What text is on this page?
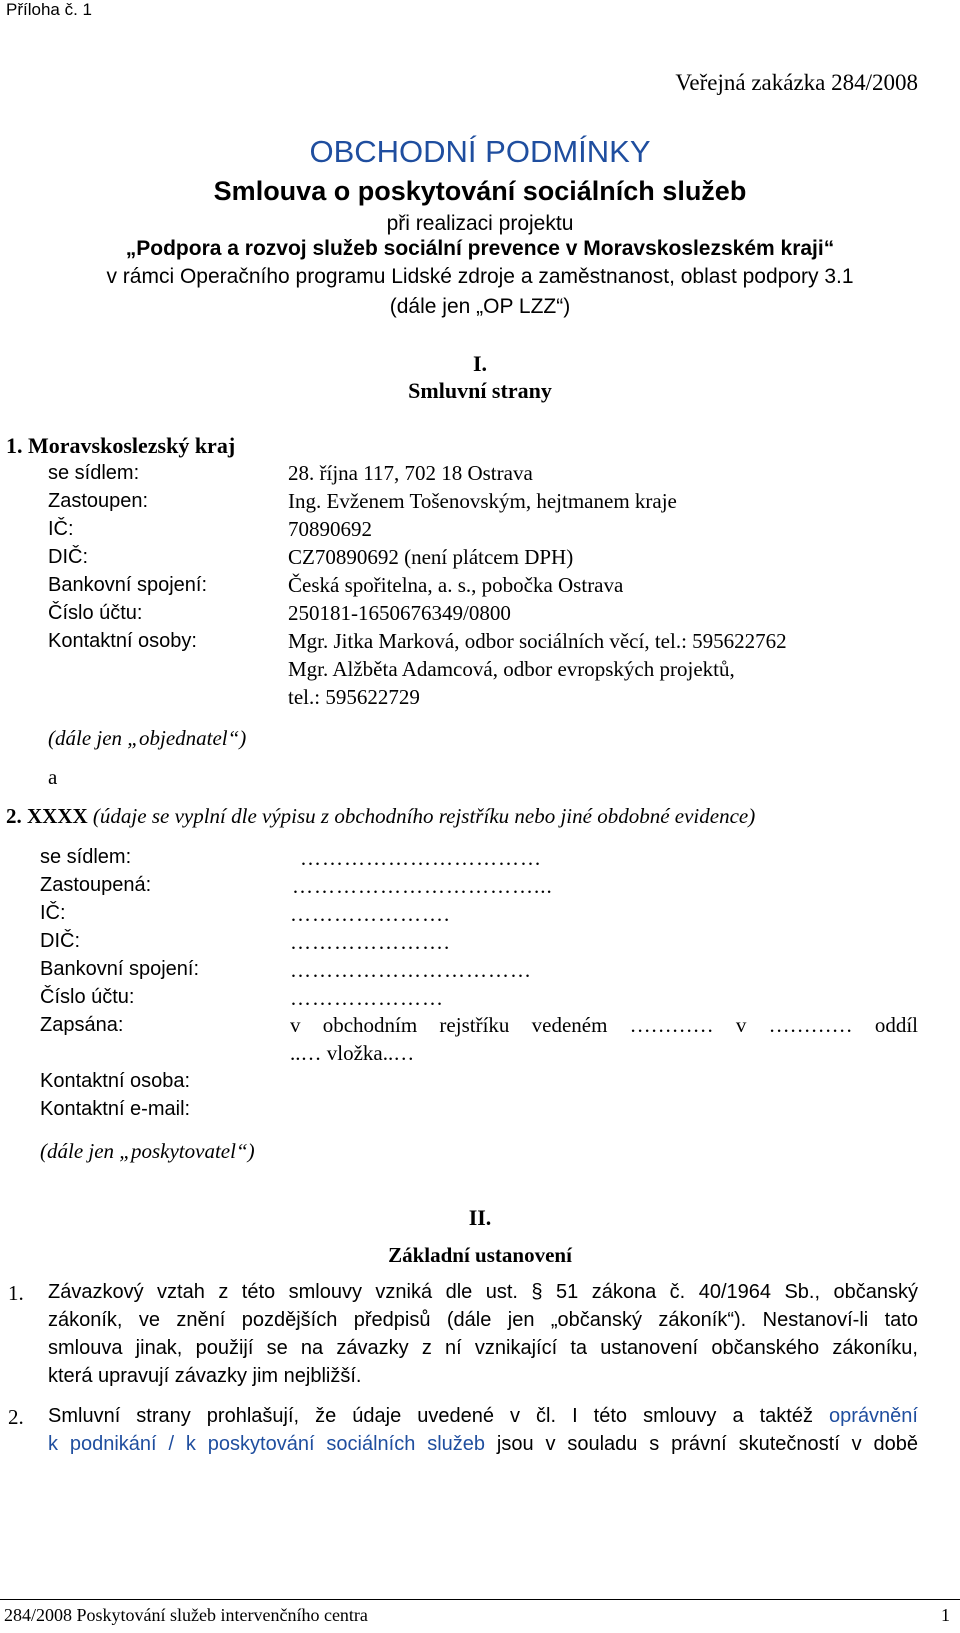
Příloha č. 1
Veřejná zakázka 284/2008
OBCHODNÍ PODMÍNKY
Smlouva o poskytování sociálních služeb
při realizaci projektu
„Podpora a rozvoj služeb sociální prevence v Moravskoslezském kraji“
v rámci Operačního programu Lidské zdroje a zaměstnanost, oblast podpory 3.1
(dále jen „OP LZZ“)
I.
Smluvní strany
1. Moravskoslezský kraj
se sídlem:	28. října 117, 702 18 Ostrava
Zastoupen:	Ing. Evženem Tošenovským, hejtmanem kraje
IČ:	70890692
DIČ:	CZ70890692 (není plátcem DPH)
Bankovní spojení:	Česká spořitelna, a. s., pobočka Ostrava
Číslo účtu:	250181-1650676349/0800
Kontaktní osoby:	Mgr. Jitka Marková, odbor sociálních věcí, tel.: 595622762
Mgr. Alžběta Adamcová, odbor evropských projektů,
tel.: 595622729
(dále jen „objednatel“)
a
2. XXXX (údaje se vyplní dle výpisu z obchodního rejstříku nebo jiné obdobné evidence)
se sídlem:	……………………………
Zastoupená:	……………………………...
IČ:	………………….
DIČ:	………………….
Bankovní spojení:	……………………………
Číslo účtu:	…………………
Zapsána:	v obchodním rejstříku vedeném ………… v ………… oddíl
..… vložka..…
Kontaktní osoba:
Kontaktní e-mail:
(dále jen „poskytovatel“)
II.
Základní ustanovení
1. Závazkový vztah z této smlouvy vzniká dle ust. § 51 zákona č. 40/1964 Sb., občanský
zákoník, ve znění pozdějších předpisů (dále jen „občanský zákoník“). Nestanoví-li tato
smlouva jinak, použijí se na závazky z ní vznikající ta ustanovení občanského zákoníku,
která upravují závazky jim nejbližší.
2. Smluvní strany prohlašují, že údaje uvedené v čl. I této smlouvy a taktéž oprávnění
k podnikání / k poskytování sociálních služeb jsou v souladu s právní skutečností v době
284/2008 Poskytování služeb intervenčního centra	1
